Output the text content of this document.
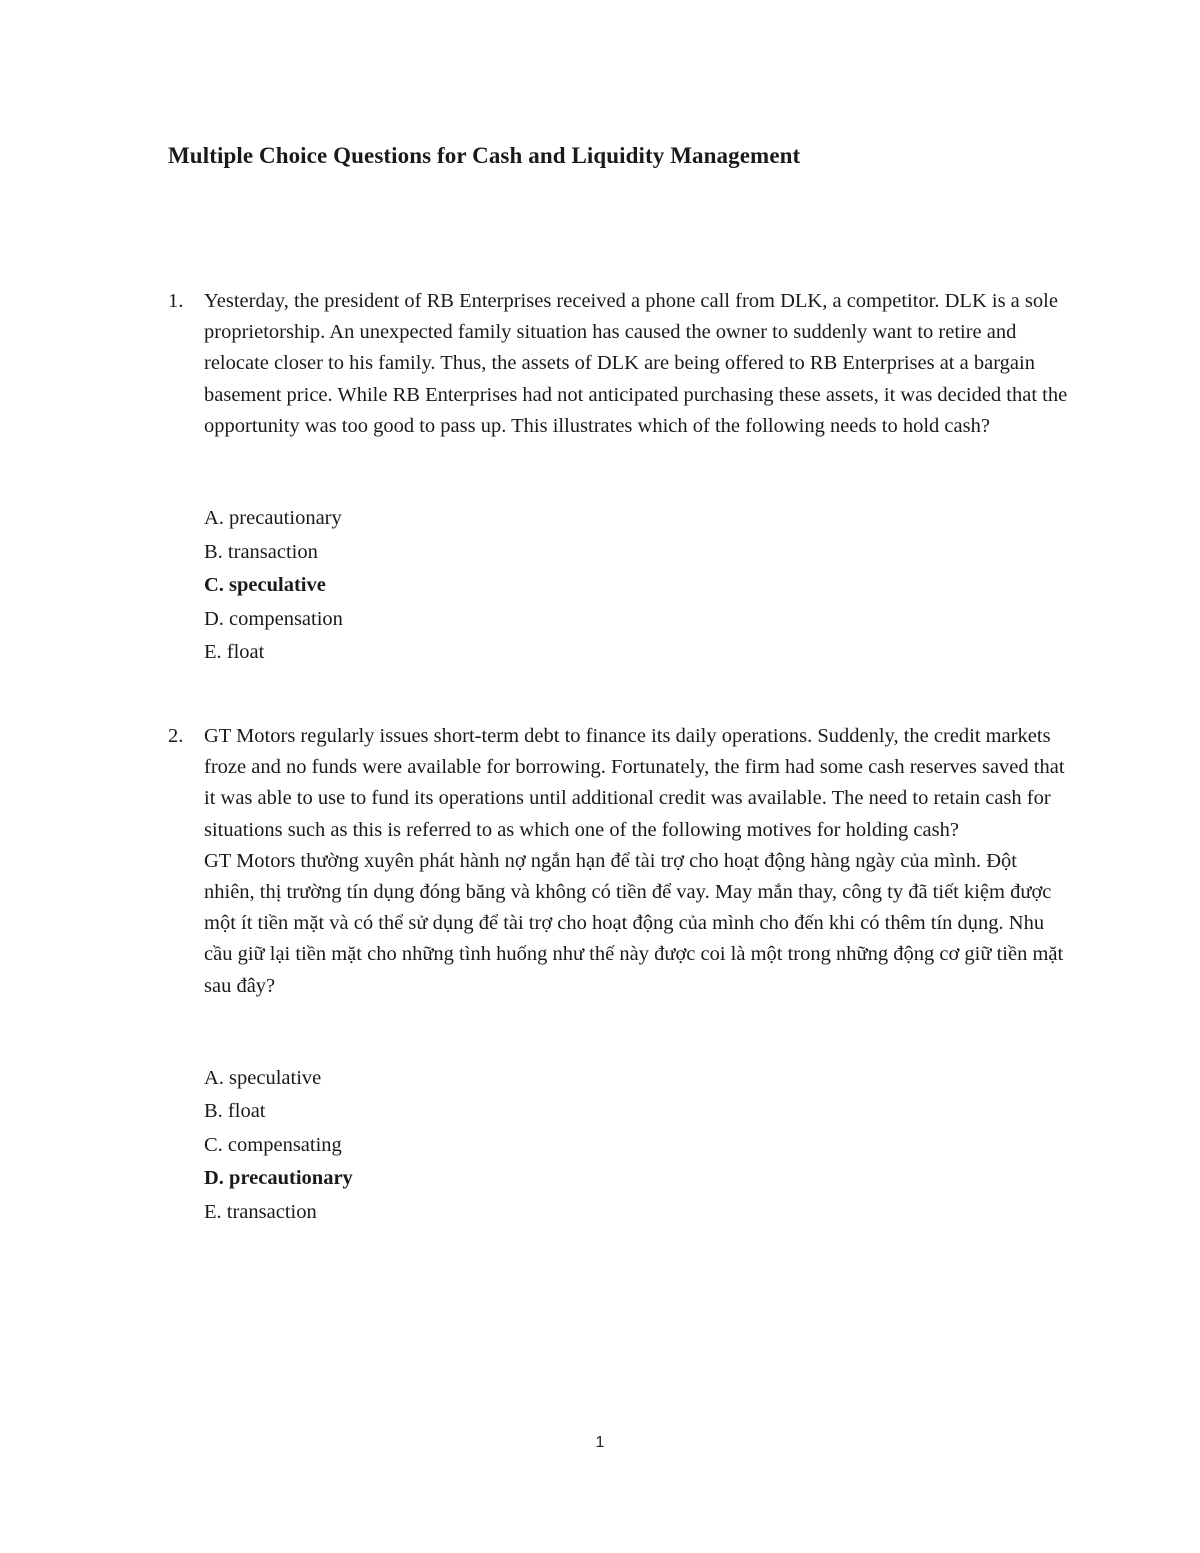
Multiple Choice Questions for Cash and Liquidity Management
1.	Yesterday, the president of RB Enterprises received a phone call from DLK, a competitor. DLK is a sole proprietorship. An unexpected family situation has caused the owner to suddenly want to retire and relocate closer to his family. Thus, the assets of DLK are being offered to RB Enterprises at a bargain basement price. While RB Enterprises had not anticipated purchasing these assets, it was decided that the opportunity was too good to pass up. This illustrates which of the following needs to hold cash?

A. precautionary
B. transaction
C. speculative
D. compensation
E. float
2.	GT Motors regularly issues short-term debt to finance its daily operations. Suddenly, the credit markets froze and no funds were available for borrowing. Fortunately, the firm had some cash reserves saved that it was able to use to fund its operations until additional credit was available. The need to retain cash for situations such as this is referred to as which one of the following motives for holding cash?

GT Motors thường xuyên phát hành nợ ngắn hạn để tài trợ cho hoạt động hàng ngày của mình. Đột nhiên, thị trường tín dụng đóng băng và không có tiền để vay. May mắn thay, công ty đã tiết kiệm được một ít tiền mặt và có thể sử dụng để tài trợ cho hoạt động của mình cho đến khi có thêm tín dụng. Nhu cầu giữ lại tiền mặt cho những tình huống như thế này được coi là một trong những động cơ giữ tiền mặt sau đây?

A. speculative
B. float
C. compensating
D. precautionary
E. transaction
1
